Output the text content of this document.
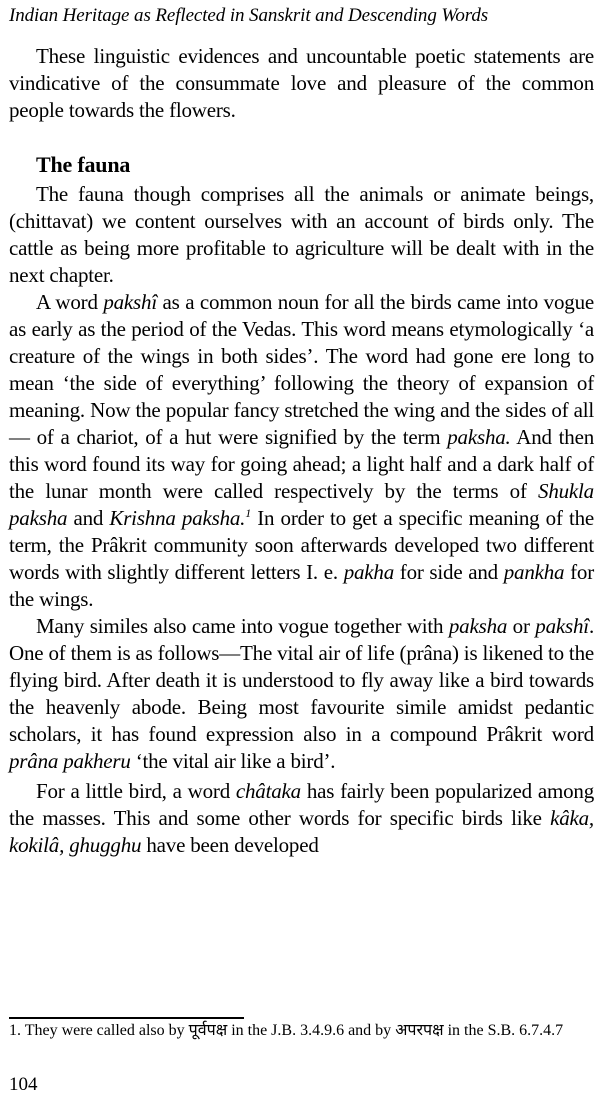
Indian Heritage as Reflected in Sanskrit and Descending Words

These linguistic evidences and uncountable poetic statements are vindicative of the consummate love and pleasure of the common people towards the flowers.

The fauna

The fauna though comprises all the animals or animate beings, (chittavat) we content ourselves with an account of birds only. The cattle as being more profitable to agriculture will be dealt with in the next chapter.

A word pakshî as a common noun for all the birds came into vogue as early as the period of the Vedas. This word means etymologically ‘a creature of the wings in both sides’. The word had gone ere long to mean ‘the side of everything’ following the theory of expansion of meaning. Now the popular fancy stretched the wing and the sides of all— of a chariot, of a hut were signified by the term paksha. And then this word found its way for going ahead; a light half and a dark half of the lunar month were called respectively by the terms of Shukla paksha and Krishna paksha.$^1$ In order to get a specific meaning of the term, the Prâkrit community soon afterwards developed two different words with slightly different letters I. e. pakha for side and pankha for the wings.

Many similes also came into vogue together with paksha or pakshî. One of them is as follows—The vital air of life (prâna) is likened to the flying bird. After death it is understood to fly away like a bird towards the heavenly abode. Being most favourite simile amidst pedantic scholars, it has found expression also in a compound Prâkrit word prâna pakheru ‘the vital air like a bird’.

For a little bird, a word châtaka has fairly been popularized among the masses. This and some other words for specific birds like kâka, kokilâ, ghugghu have been developed

1. They were called also by पूर्वपक्ष in the J.B. 3.4.9.6 and by अपरपक्ष in the S.B. 6.7.4.7
104
